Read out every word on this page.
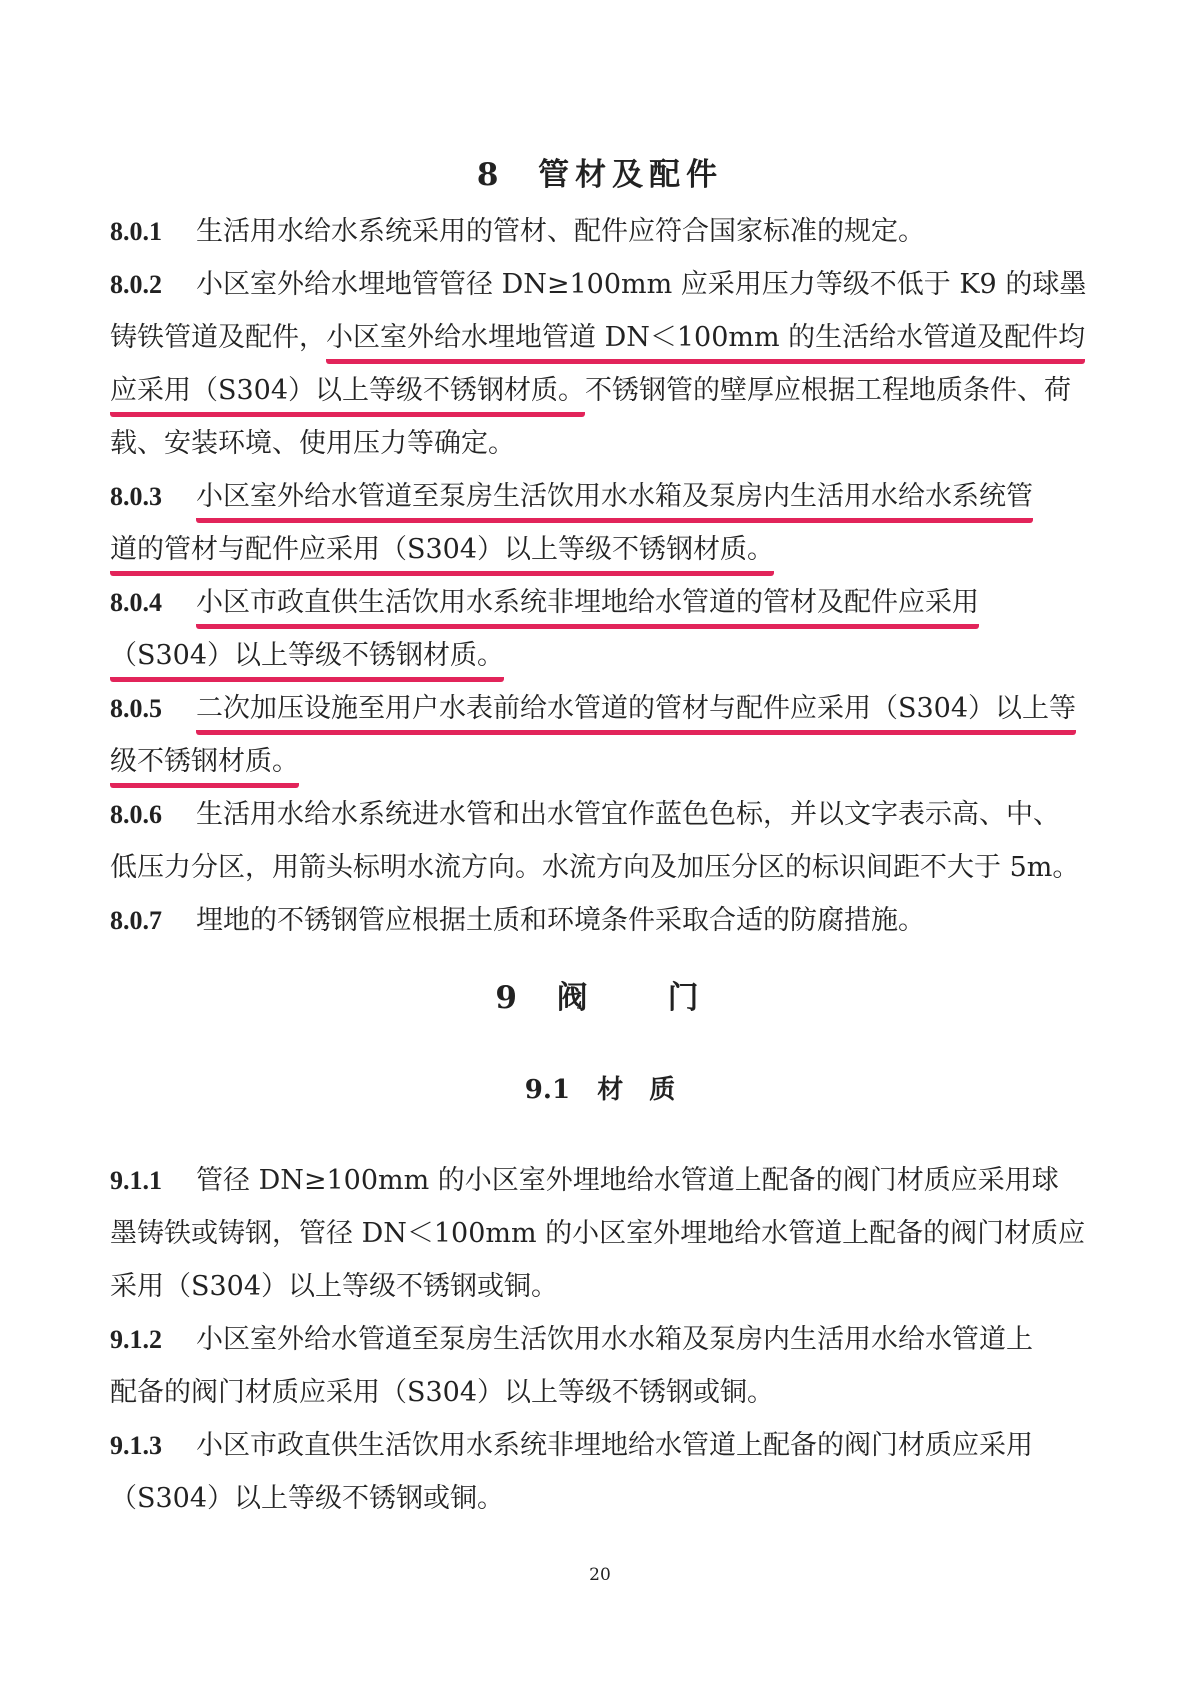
8 管材及配件
8.0.1 生活用水给水系统采用的管材、配件应符合国家标准的规定。
8.0.2 小区室外给水埋地管管径 DN≥100mm 应采用压力等级不低于 K9 的球墨
铸铁管道及配件，小区室外给水埋地管道 DN＜100mm 的生活给水管道及配件均
应采用（S304）以上等级不锈钢材质。不锈钢管的壁厚应根据工程地质条件、荷
载、安装环境、使用压力等确定。
8.0.3 小区室外给水管道至泵房生活饮用水水箱及泵房内生活用水给水系统管
道的管材与配件应采用（S304）以上等级不锈钢材质。
8.0.4 小区市政直供生活饮用水系统非埋地给水管道的管材及配件应采用
（S304）以上等级不锈钢材质。
8.0.5 二次加压设施至用户水表前给水管道的管材与配件应采用（S304）以上等
级不锈钢材质。
8.0.6 生活用水给水系统进水管和出水管宜作蓝色色标，并以文字表示高、中、
低压力分区，用箭头标明水流方向。水流方向及加压分区的标识间距不大于 5m。
8.0.7 埋地的不锈钢管应根据土质和环境条件采取合适的防腐措施。
9 阀　　门
9.1 材　质
9.1.1 管径 DN≥100mm 的小区室外埋地给水管道上配备的阀门材质应采用球
墨铸铁或铸钢，管径 DN＜100mm 的小区室外埋地给水管道上配备的阀门材质应
采用（S304）以上等级不锈钢或铜。
9.1.2 小区室外给水管道至泵房生活饮用水水箱及泵房内生活用水给水管道上
配备的阀门材质应采用（S304）以上等级不锈钢或铜。
9.1.3 小区市政直供生活饮用水系统非埋地给水管道上配备的阀门材质应采用
（S304）以上等级不锈钢或铜。
20
